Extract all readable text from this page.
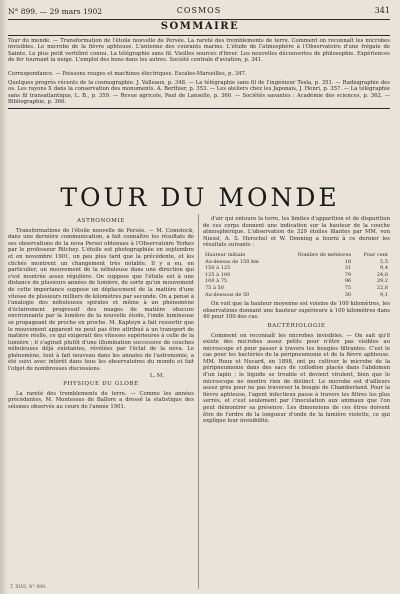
N° 899. — 29 mars 1902	COSMOS	341
SOMMAIRE
Tour du monde. — Transformation de l'étoile nouvelle de Persée. La rareté des tremblements de terre. Comment on reconnaît les microbes invisibles. Le microbe de la fièvre aphteuse. L'antenne des courants marins. L'étude de l'atmosphère à l'Observatoire d'une frégate de Sainte. Le plus petit vertébré connu. La télégraphie sans fil. Vieilles sources d'hiver. Les nouvelles découvertes de philosophie. Expériences de fer tournant la neige. L'emploi des bons dans les autres. Société centrale d'aviation, p. 341.
Correspondance. — Poissons rouges et machines électriques. Escales-Marseilles, p. 347.
Quelques progrès récents de la cosmographie. J. Valleaux, p. 348. — La télégraphie sans fil de l'ingénieur Tesla, p. 351. — Radiographie des os. Les rayons X dans la conservation des monuments. A. Berthier, p. 353. — Les ateliers chez les Japonais, J. Henri, p. 357. — La télégraphie sans fil transatlantique, L. B., p. 359. — Revue agricole, Paul de Lanselle, p. 360. — Sociétés savantes : Académie des sciences, p. 362. — Bibliographie, p. 366.
TOUR DU MONDE
ASTRONOMIE

Transformations de l'étoile nouvelle de Persée. — M. Comstock, dans une dernière communication, a fait connaître les résultats de ses observations de la nova Persei obtenues à l'Observatoire Yerkes par le professeur Ritchey. L'étoile est photographiée en septembre et en novembre 1901, un peu plus tard que la précédente, et les clichés montrent un changement très notable. Il y a eu, en particulier, un mouvement de la nébuleuse dans une direction qui s'est montrée assez régulière. On suppose que l'étoile est à une distance de plusieurs années de lumière, de sorte qu'un mouvement de cette importance suppose un déplacement de la matière d'une vitesse de plusieurs milliers de kilomètres par seconde. On a pensé à l'analogie des nébuleuses spirales et même à un phénomène d'éclairement progressif des nuages de matière obscure environnants par la lumière de la nouvelle étoile, l'onde lumineuse se propageant de proche en proche. M. Kapteyn a fait ressortir que le mouvement apparent ne peut pas être attribué à un transport de matière réelle, ce qui exigerait des vitesses supérieures à celle de la lumière ; il s'agirait plutôt d'une illumination successive de couches nébuleuses déjà existantes, révélées par l'éclat de la nova. Le phénomène, tout à fait nouveau dans les annales de l'astronomie, a été suivi avec intérêt dans tous les observatoires du monde et fait l'objet de nombreuses discussions.

L. M.
PHYSIQUE DU GLOBE

La rareté des tremblements de terre. — Comme les années précédentes, M. Montessus de Ballore a dressé la statistique des séismes observés au cours de l'année 1901.

d'air qui entoure la terre, les limites d'apparition et de disparition de ces corps donnent une indication sur la hauteur de la couche atmosphérique. L'observation de 329 étoiles filantes par MM. von Niessl, A. S. Herschel et W. Denning a fourni à ce dernier les résultats suivants :

Hauteur initiale	Nombre de météores	Pour cent
Au-dessus de 150 km	18	5,5
150 à 125	31	9,4
125 à 100	79	24,0
100 à 75	96	29,2
75 à 50	75	22,8
Au-dessous de 50	30	9,1

On voit que la hauteur moyenne est voisine de 100 kilomètres, les observations donnant une hauteur supérieure à 100 kilomètres dans 40 pour 100 des cas.

BACTÉRIOLOGIE

Comment on reconnaît les microbes invisibles. — On sait qu'il existe des microbes assez petits pour n'être pas visibles au microscope et pour passer à travers les bougies filtrantes. C'est le cas pour les bactéries de la péripneumonie et de la fièvre aphteuse. MM. Roux et Nocard, en 1898, ont pu cultiver le microbe de la péripneumonie dans des sacs de collodion placés dans l'abdomen d'un lapin ; le liquide se trouble et devient virulent, bien que le microscope ne montre rien de distinct. Le microbe est d'ailleurs assez gros pour ne pas traverser la bougie de Chamberland. Pour la fièvre aphteuse, l'agent infectieux passe à travers les filtres les plus serrés, et c'est seulement par l'inoculation aux animaux que l'on peut démontrer sa présence. Les dimensions de ces êtres doivent être de l'ordre de la longueur d'onde de la lumière violette, ce qui explique leur invisibilité.

T. XLVI. N° 899.
